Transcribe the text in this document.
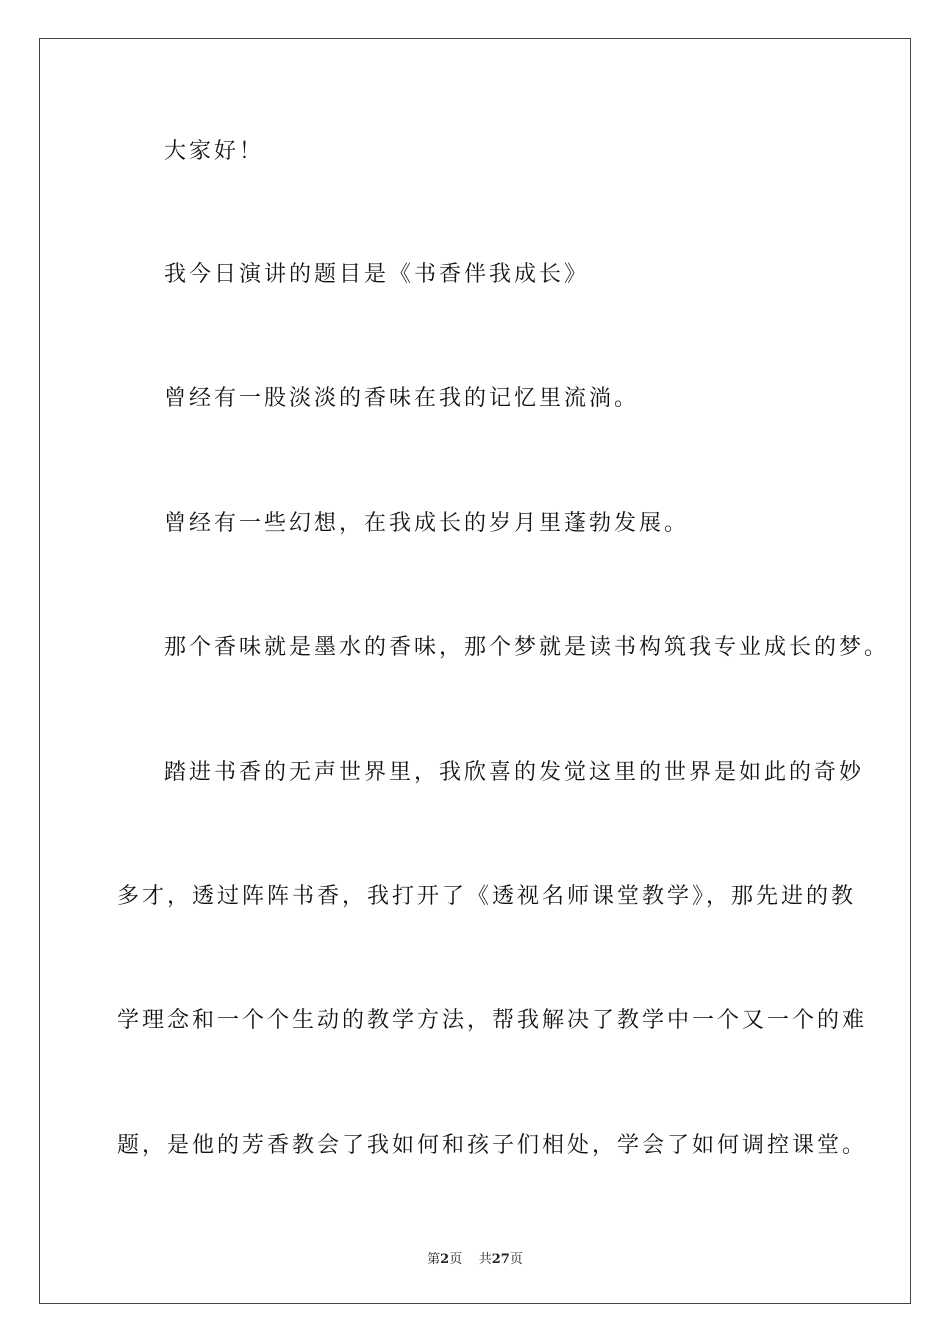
大家好！
我今日演讲的题目是《书香伴我成长》
曾经有一股淡淡的香味在我的记忆里流淌。
曾经有一些幻想，在我成长的岁月里蓬勃发展。
那个香味就是墨水的香味，那个梦就是读书构筑我专业成长的梦。
踏进书香的无声世界里，我欣喜的发觉这里的世界是如此的奇妙
多才，透过阵阵书香，我打开了《透视名师课堂教学》，那先进的教
学理念和一个个生动的教学方法，帮我解决了教学中一个又一个的难
题，是他的芳香教会了我如何和孩子们相处，学会了如何调控课堂。
第2页 共27页
